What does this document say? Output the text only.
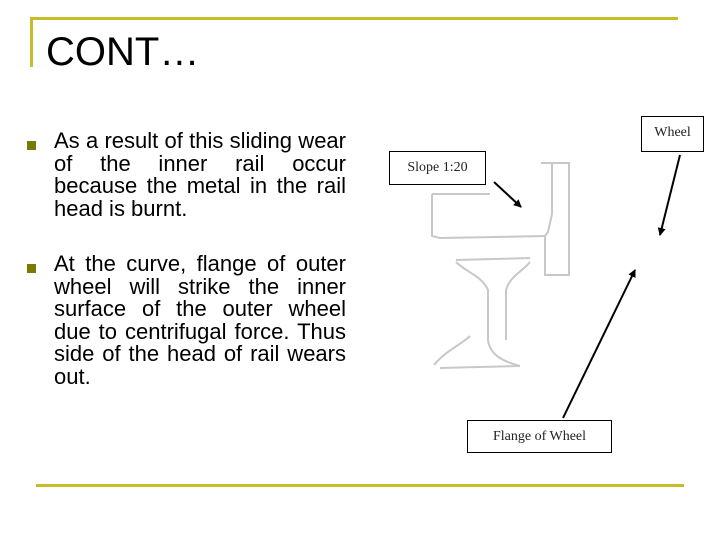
CONT…
As a result of this sliding wear of the inner rail occur because the metal in the rail head is burnt.
At the curve, flange of outer wheel will strike the inner surface of the outer wheel due to centrifugal force. Thus side of the head of rail wears out.
Slope 1:20
Wheel
Flange of Wheel
